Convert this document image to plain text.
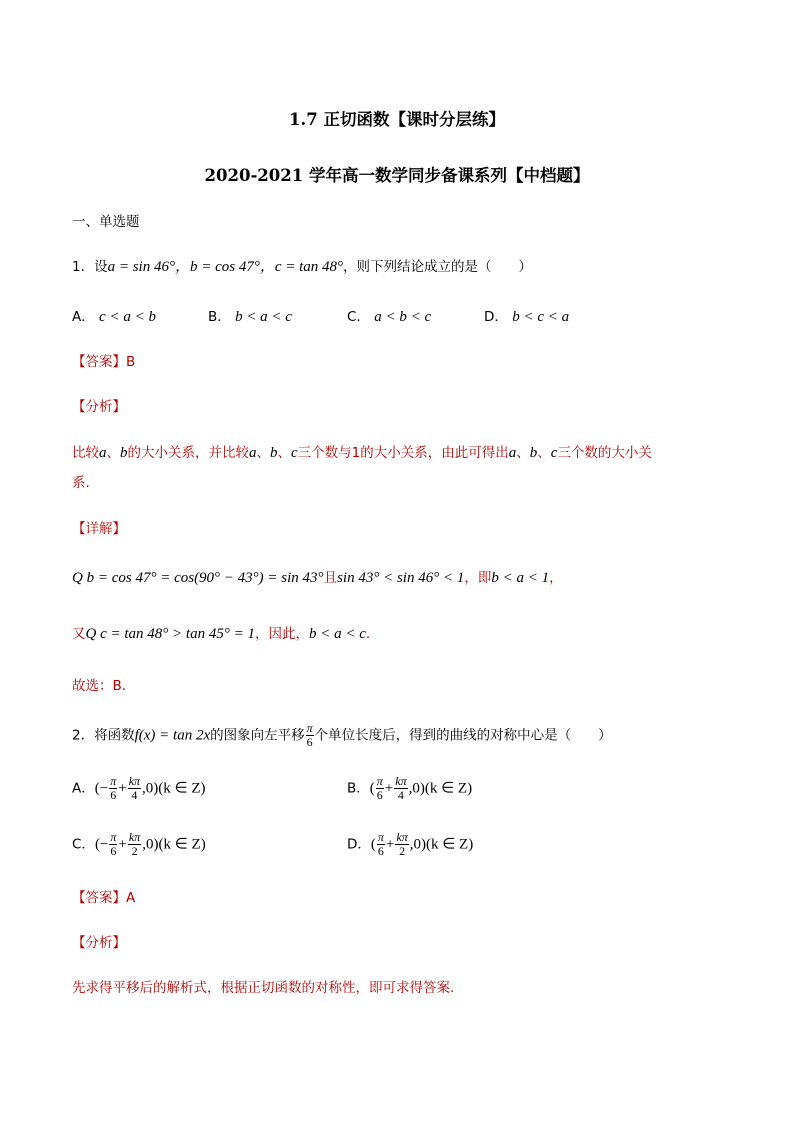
1.7 正切函数【课时分层练】
2020-2021 学年高一数学同步备课系列【中档题】
一、单选题
1．设a = sin 46°，b = cos 47°，c = tan 48°，则下列结论成立的是（　　）
A． c < a < b	B． b < a < c	C． a < b < c	D． b < c < a
【答案】B
【分析】
比较a、b的大小关系，并比较a、b、c三个数与1的大小关系，由此可得出a、b、c三个数的大小关
系.
【详解】
Q b = cos 47° = cos(90° − 43°) = sin 43°且sin 43° < sin 46° < 1，即b < a < 1，
又Q c = tan 48° > tan 45° = 1，因此，b < a < c.
故选：B.
2．将函数f(x) = tan 2x的图象向左平移 $\frac{\pi}{6}$ 个单位长度后，得到的曲线的对称中心是（　　）
A．(− $\frac{\pi}{6} + \frac{k\pi}{4} ,0)(k$ ∈ Z)	B．( $\frac{\pi}{6} + \frac{k\pi}{4} ,0)(k$ ∈ Z)
C．(− $\frac{\pi}{6} + \frac{k\pi}{2} ,0)(k$ ∈ Z)	D．( $\frac{\pi}{6} + \frac{k\pi}{2} ,0)(k$ ∈ Z)
【答案】A
【分析】
先求得平移后的解析式，根据正切函数的对称性，即可求得答案.
